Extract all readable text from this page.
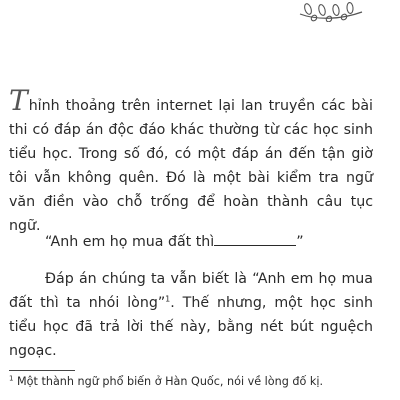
Thỉnh thoảng trên internet lại lan truyền các bài thi có đáp án độc đáo khác thường từ các học sinh tiểu học. Trong số đó, có một đáp án đến tận giờ tôi vẫn không quên. Đó là một bài kiểm tra ngữ văn điền vào chỗ trống để hoàn thành câu tục ngữ.

“Anh em họ mua đất thì	”

Đáp án chúng ta vẫn biết là “Anh em họ mua đất thì ta nhói lòng”$^1$. Thế nhưng, một học sinh tiểu học đã trả lời thế này, bằng nét bút nguệch ngoạc.

$^1$ Một thành ngữ phổ biến ở Hàn Quốc, nói về lòng đố kị.
